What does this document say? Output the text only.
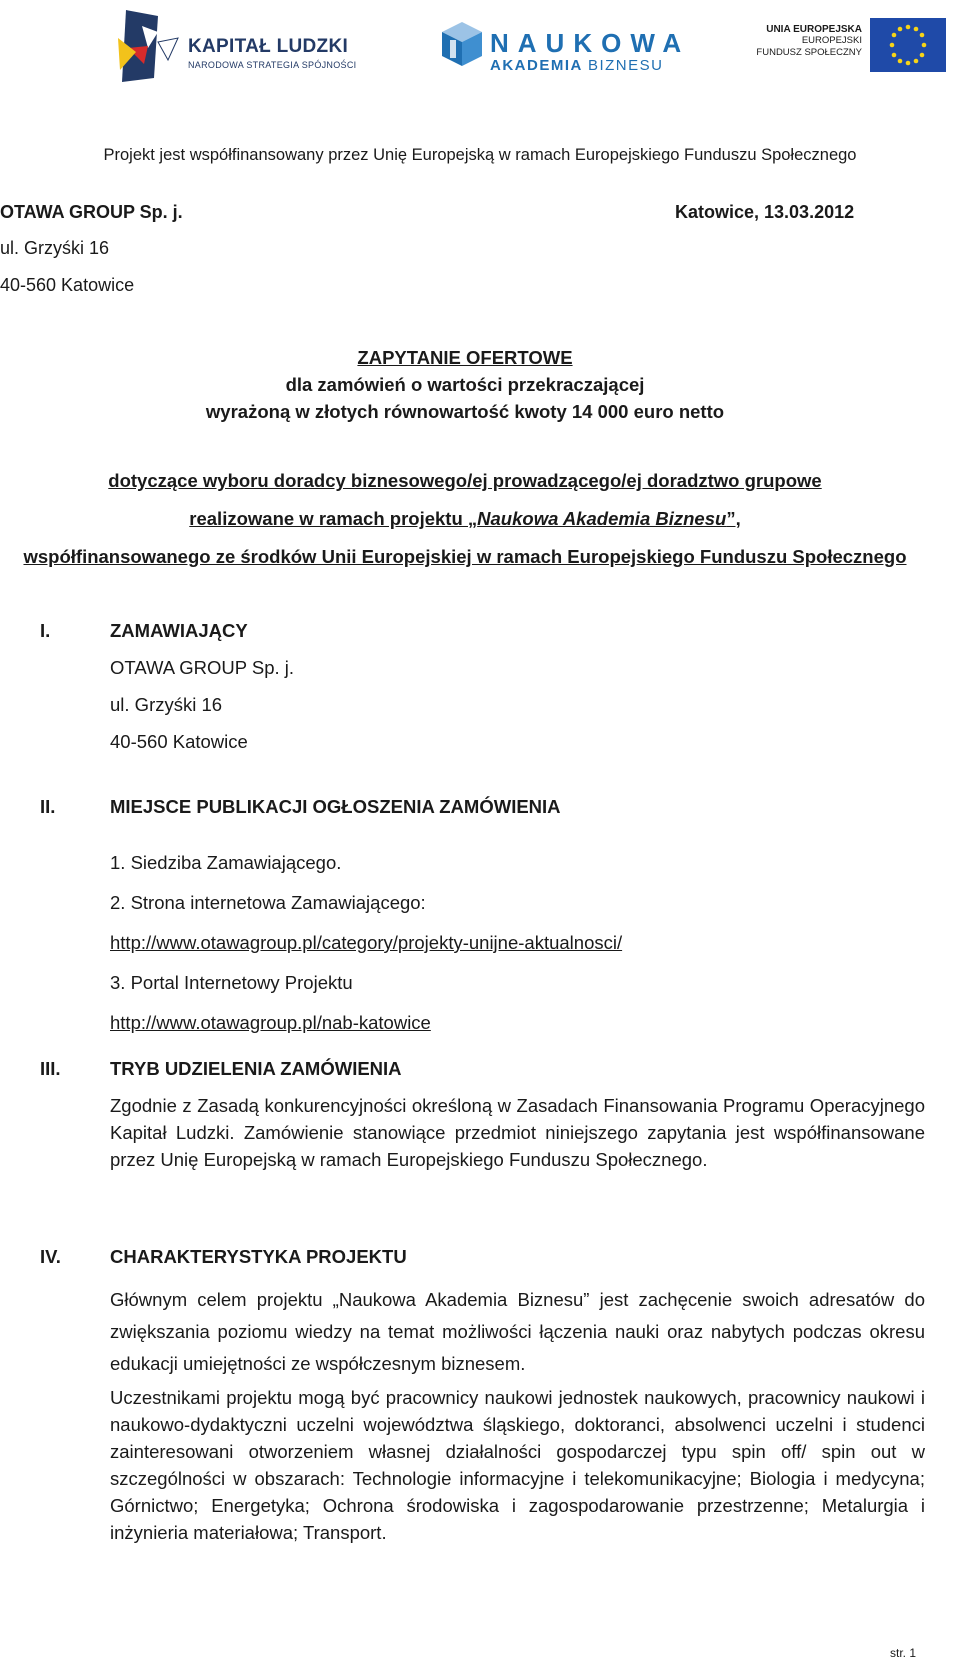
KAPITAŁ LUDZKI
NARODOWA STRATEGIA SPÓJNOŚCI
NAUKOWA
AKADEMIA BIZNESU
UNIA EUROPEJSKA
EUROPEJSKI
FUNDUSZ SPOŁECZNY
Projekt jest współfinansowany przez Unię Europejską w ramach Europejskiego Funduszu Społecznego
OTAWA GROUP Sp. j.	Katowice, 13.03.2012
ul. Grzyśki 16
40-560 Katowice
ZAPYTANIE OFERTOWE
dla zamówień o wartości przekraczającej
wyrażoną w złotych równowartość kwoty 14 000 euro netto
dotyczące wyboru doradcy biznesowego/ej prowadzącego/ej doradztwo grupowe
realizowane w ramach projektu „Naukowa Akademia Biznesu”,
współfinansowanego ze środków Unii Europejskiej w ramach Europejskiego Funduszu Społecznego
I.	ZAMAWIAJĄCY
OTAWA GROUP Sp. j.
ul. Grzyśki 16
40-560 Katowice
II.	MIEJSCE PUBLIKACJI OGŁOSZENIA ZAMÓWIENIA
1. Siedziba Zamawiającego.
2. Strona internetowa Zamawiającego:
http://www.otawagroup.pl/category/projekty-unijne-aktualnosci/
3. Portal Internetowy Projektu
http://www.otawagroup.pl/nab-katowice
III.	TRYB UDZIELENIA ZAMÓWIENIA
Zgodnie z Zasadą konkurencyjności określoną w Zasadach Finansowania Programu Operacyjnego Kapitał Ludzki. Zamówienie stanowiące przedmiot niniejszego zapytania jest współfinansowane przez Unię Europejską w ramach Europejskiego Funduszu Społecznego.
IV.	CHARAKTERYSTYKA PROJEKTU
Głównym celem projektu „Naukowa Akademia Biznesu” jest zachęcenie swoich adresatów do zwiększania poziomu wiedzy na temat możliwości łączenia nauki oraz nabytych podczas okresu edukacji umiejętności ze współczesnym biznesem.
Uczestnikami projektu mogą być pracownicy naukowi jednostek naukowych, pracownicy naukowi i naukowo-dydaktyczni uczelni województwa śląskiego, doktoranci, absolwenci uczelni i studenci zainteresowani otworzeniem własnej działalności gospodarczej typu spin off/ spin out w szczególności w obszarach: Technologie informacyjne i telekomunikacyjne; Biologia i medycyna; Górnictwo; Energetyka; Ochrona środowiska i zagospodarowanie przestrzenne; Metalurgia i inżynieria materiałowa; Transport.
str. 1
